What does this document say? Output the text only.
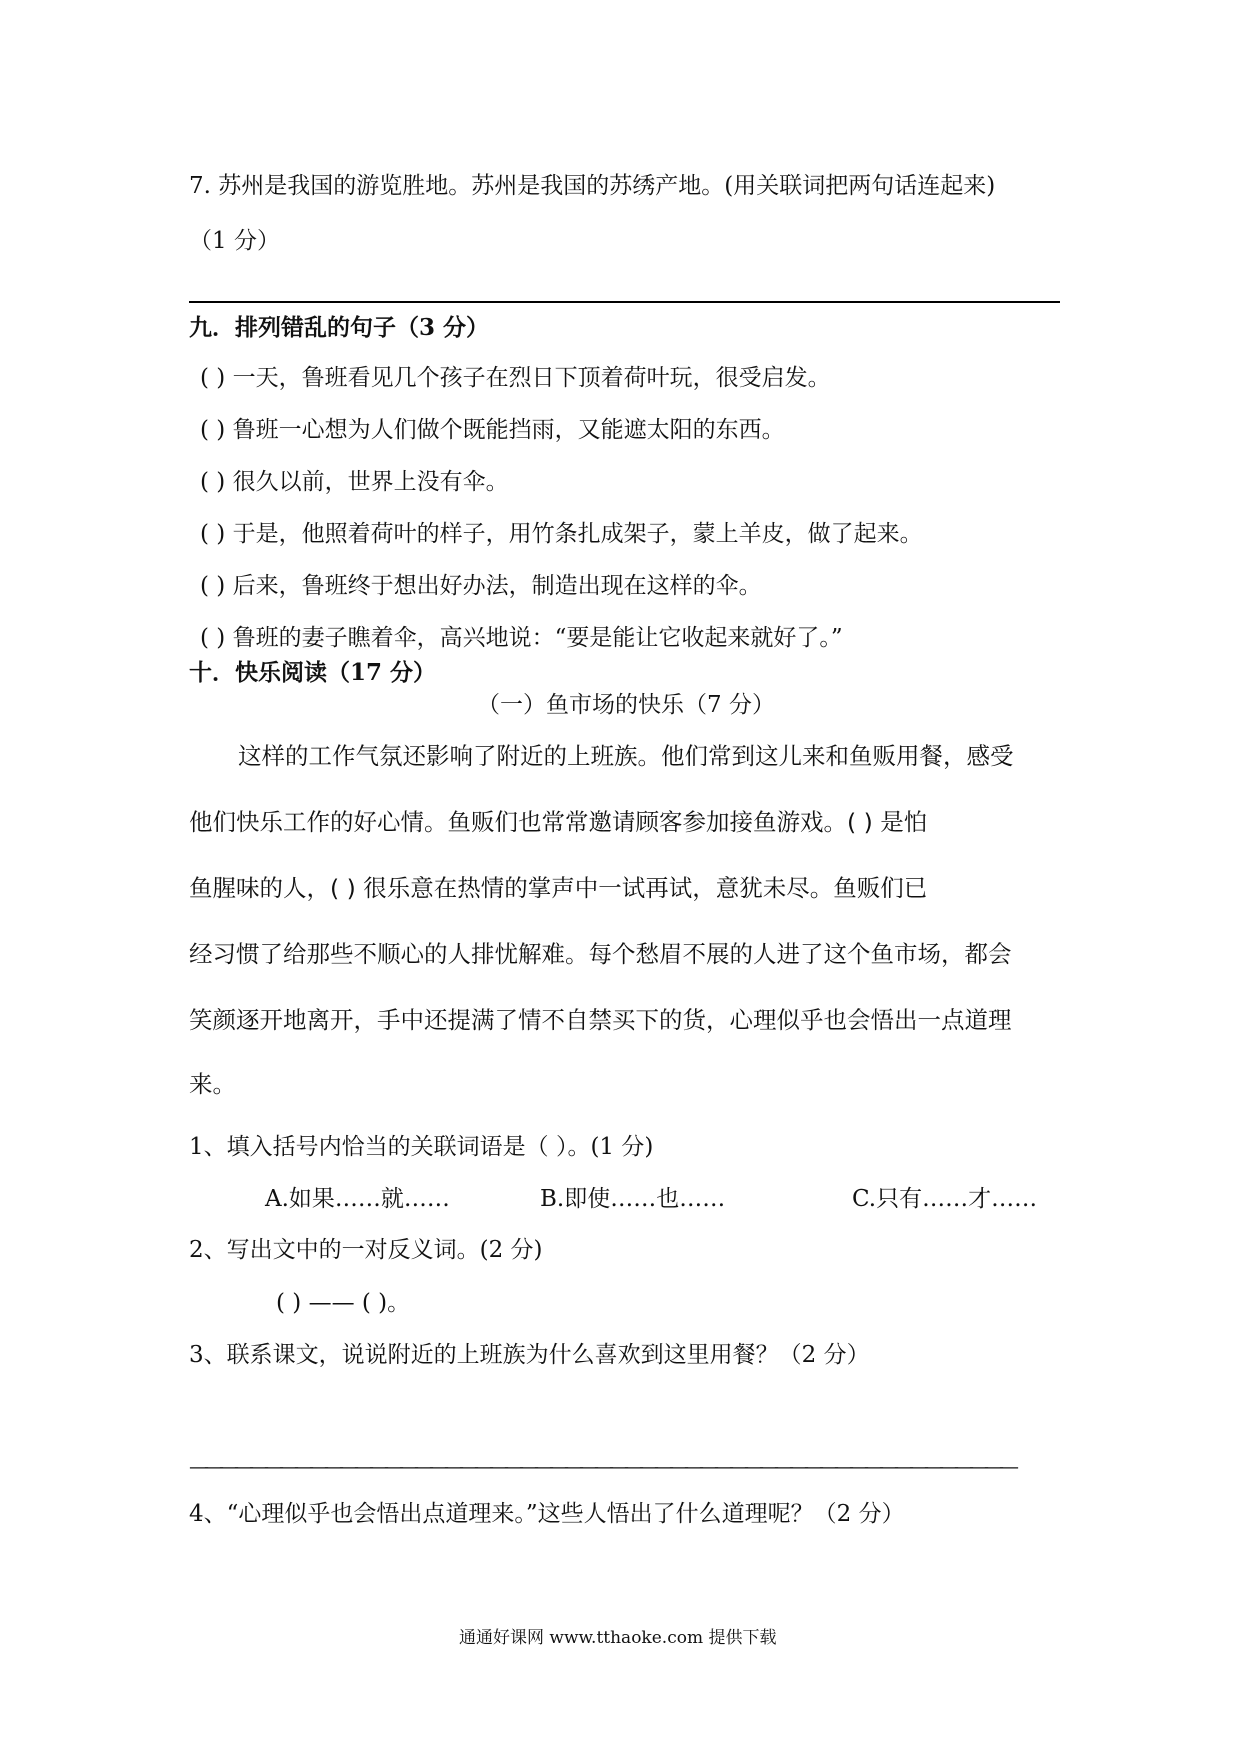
7. 苏州是我国的游览胜地。苏州是我国的苏绣产地。(用关联词把两句话连起来)
（1 分）
九．排列错乱的句子（3 分）
( ) 一天，鲁班看见几个孩子在烈日下顶着荷叶玩，很受启发。
( ) 鲁班一心想为人们做个既能挡雨，又能遮太阳的东西。
( ) 很久以前，世界上没有伞。
( ) 于是，他照着荷叶的样子，用竹条扎成架子，蒙上羊皮，做了起来。
( ) 后来，鲁班终于想出好办法，制造出现在这样的伞。
( ) 鲁班的妻子瞧着伞，高兴地说：“要是能让它收起来就好了。”
十．快乐阅读（17 分）
（一）鱼市场的快乐（7 分）
这样的工作气氛还影响了附近的上班族。他们常到这儿来和鱼贩用餐，感受
他们快乐工作的好心情。鱼贩们也常常邀请顾客参加接鱼游戏。( ) 是怕
鱼腥味的人，( ) 很乐意在热情的掌声中一试再试，意犹未尽。鱼贩们已
经习惯了给那些不顺心的人排忧解难。每个愁眉不展的人进了这个鱼市场，都会
笑颜逐开地离开，手中还提满了情不自禁买下的货，心理似乎也会悟出一点道理
来。
1、填入括号内恰当的关联词语是（ ）。(1 分)
A.如果……就……	B.即使……也……	C.只有……才……
2、写出文中的一对反义词。(2 分)
( ) —— ( )。
3、联系课文，说说附近的上班族为什么喜欢到这里用餐？（2 分）
———————————————————————————————————————————————————————
4、“心理似乎也会悟出点道理来。”这些人悟出了什么道理呢？（2 分）
通通好课网 www.tthaoke.com 提供下载
